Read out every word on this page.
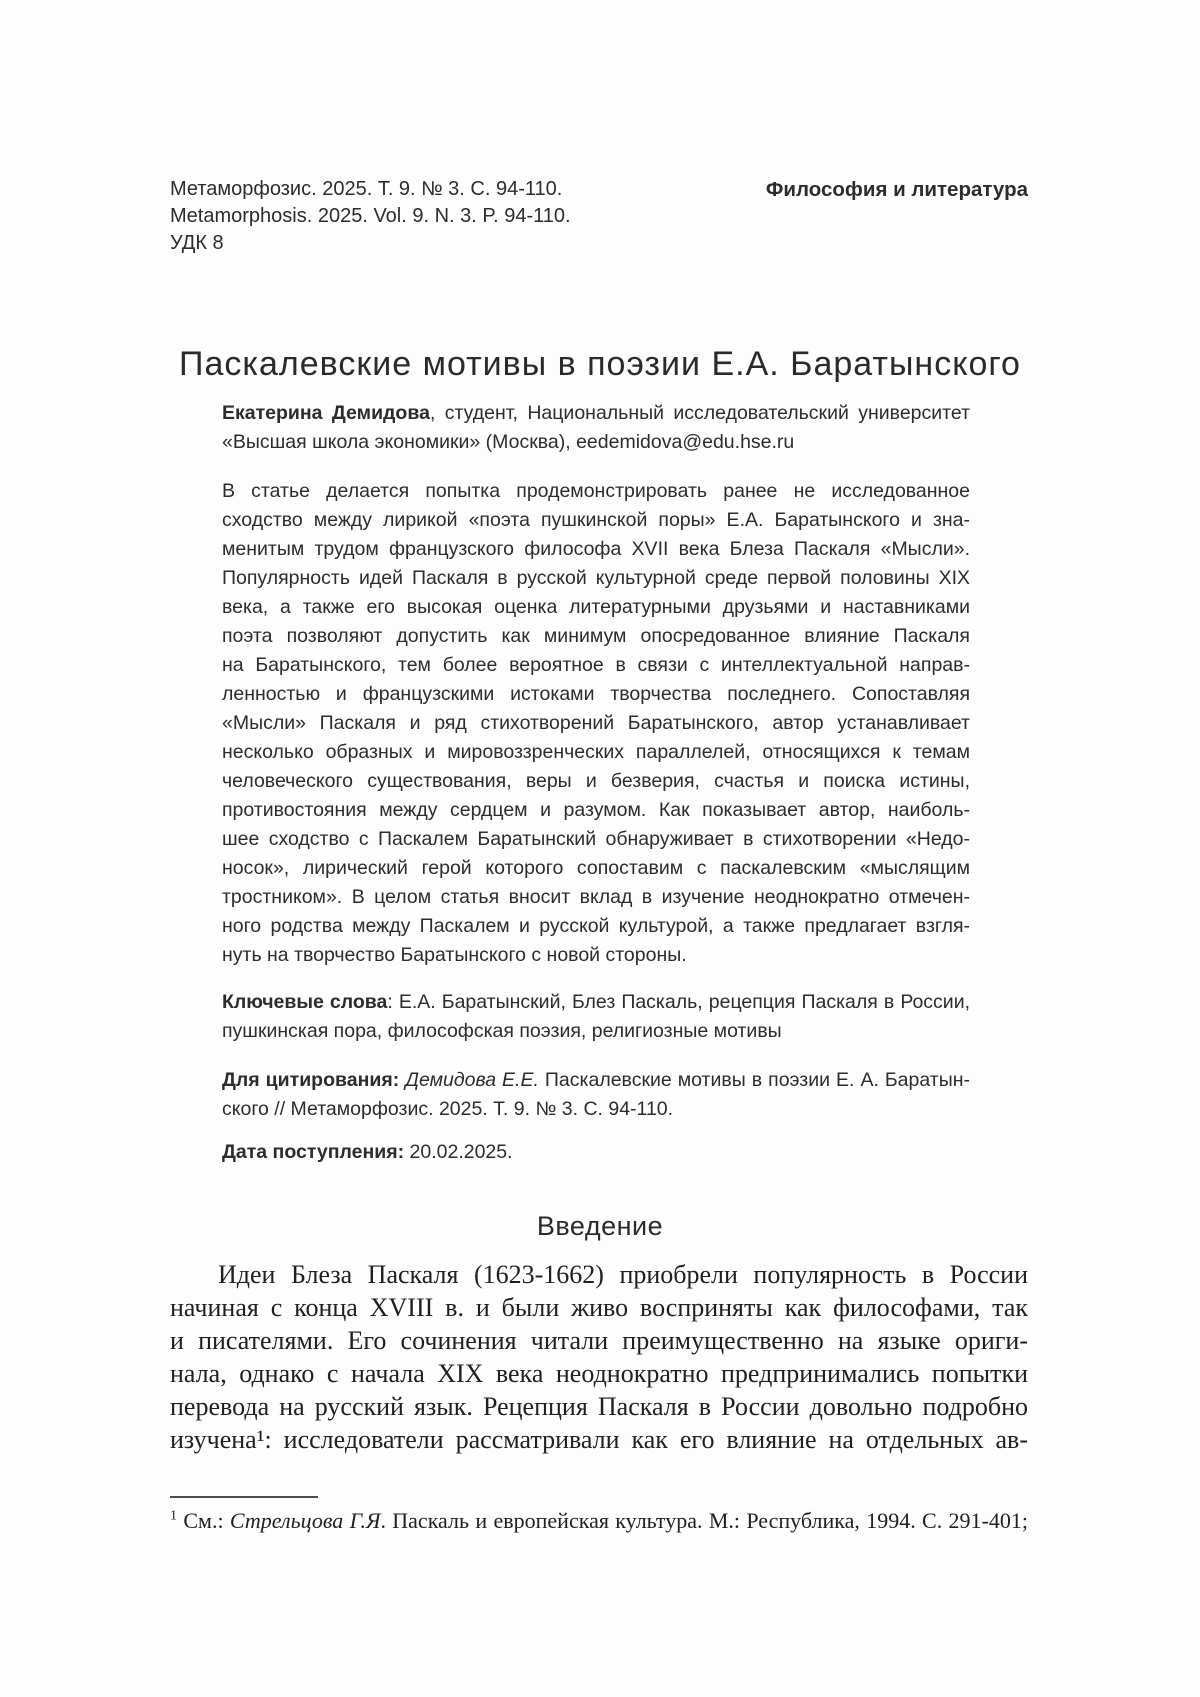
Метаморфозис. 2025. Т. 9. № 3. С. 94-110.
Metamorphosis. 2025. Vol. 9. N. 3. P. 94-110.
УДК 8
Философия и литература
Паскалевские мотивы в поэзии Е.А. Баратынского
Екатерина Демидова, студент, Национальный исследовательский университет
«Высшая школа экономики» (Москва), eedemidova@edu.hse.ru
В статье делается попытка продемонстрировать ранее не исследованное
сходство между лирикой «поэта пушкинской поры» Е.А. Баратынского и зна-
менитым трудом французского философа XVII века Блеза Паскаля «Мысли».
Популярность идей Паскаля в русской культурной среде первой половины XIX
века, а также его высокая оценка литературными друзьями и наставниками
поэта позволяют допустить как минимум опосредованное влияние Паскаля
на Баратынского, тем более вероятное в связи с интеллектуальной направ-
ленностью и французскими истоками творчества последнего. Сопоставляя
«Мысли» Паскаля и ряд стихотворений Баратынского, автор устанавливает
несколько образных и мировоззренческих параллелей, относящихся к темам
человеческого существования, веры и безверия, счастья и поиска истины,
противостояния между сердцем и разумом. Как показывает автор, наиболь-
шее сходство с Паскалем Баратынский обнаруживает в стихотворении «Недо-
носок», лирический герой которого сопоставим с паскалевским «мыслящим
тростником». В целом статья вносит вклад в изучение неоднократно отмечен-
ного родства между Паскалем и русской культурой, а также предлагает взгля-
нуть на творчество Баратынского с новой стороны.
Ключевые слова: Е.А. Баратынский, Блез Паскаль, рецепция Паскаля в России,
пушкинская пора, философская поэзия, религиозные мотивы
Для цитирования: Демидова Е.Е. Паскалевские мотивы в поэзии Е. А. Баратын-
ского // Метаморфозис. 2025. Т. 9. № 3. С. 94-110.
Дата поступления: 20.02.2025.
Введение
Идеи Блеза Паскаля (1623-1662) приобрели популярность в России
начиная с конца XVIII в. и были живо восприняты как философами, так
и писателями. Его сочинения читали преимущественно на языке ориги-
нала, однако с начала XIX века неоднократно предпринимались попытки
перевода на русский язык. Рецепция Паскаля в России довольно подробно
изучена¹: исследователи рассматривали как его влияние на отдельных ав-
$^1$ См.: Стрельцова Г.Я. Паскаль и европейская культура. М.: Республика, 1994. С. 291-401;
